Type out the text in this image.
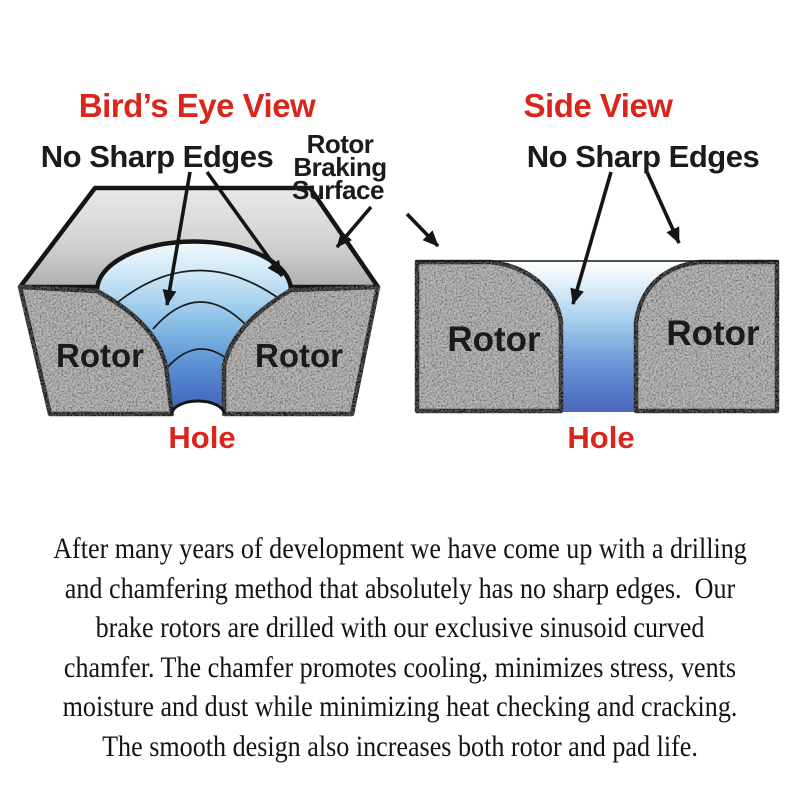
Bird’s Eye View	Side View
No Sharp Edges	No Sharp Edges
Rotor
Braking
Surface
Rotor	Rotor	Rotor	Rotor
Hole	Hole
After many years of development we have come up with a drilling
and chamfering method that absolutely has no sharp edges.  Our
brake rotors are drilled with our exclusive sinusoid curved
chamfer. The chamfer promotes cooling, minimizes stress, vents
moisture and dust while minimizing heat checking and cracking.
The smooth design also increases both rotor and pad life.
